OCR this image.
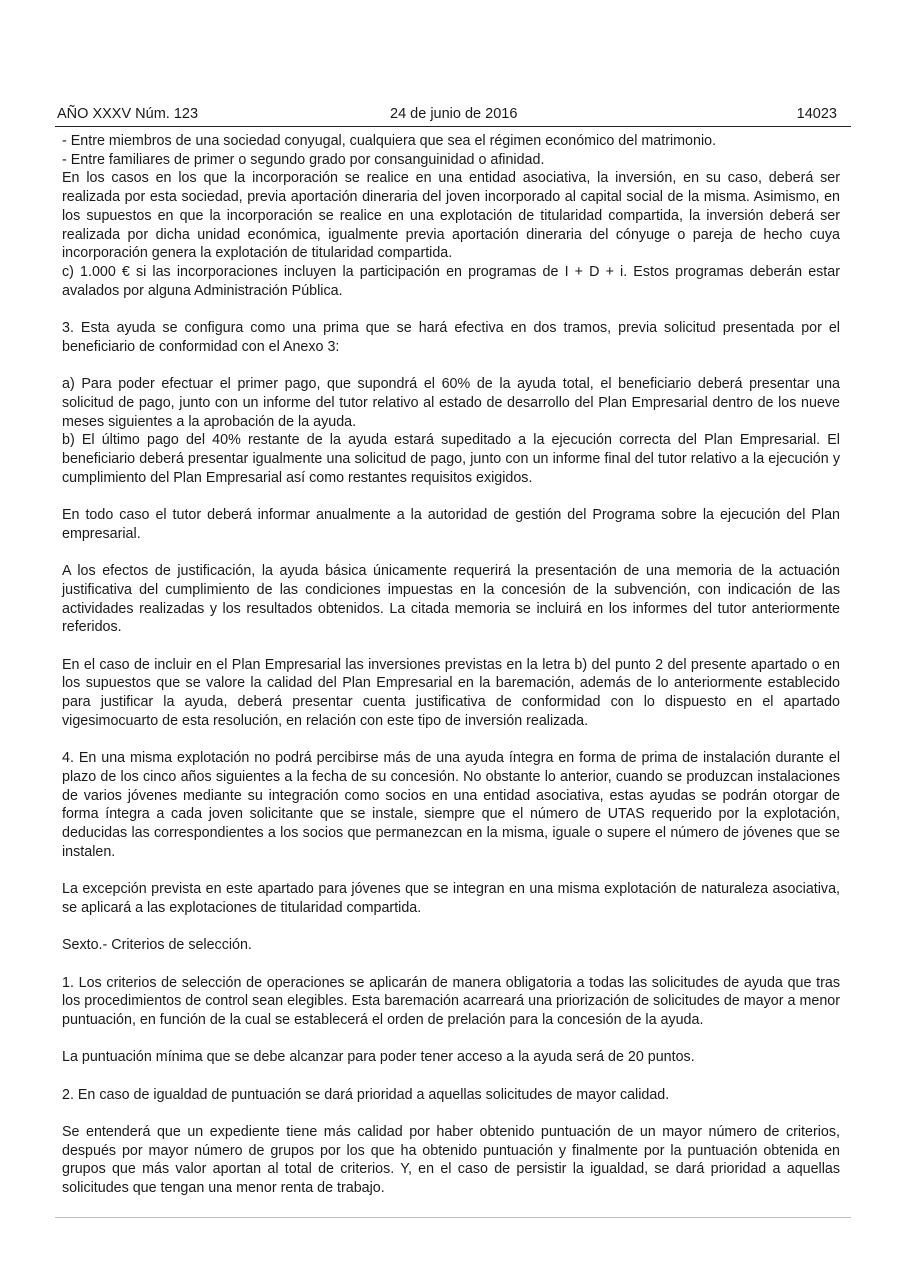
AÑO XXXV Núm. 123	24 de junio de 2016	14023

- Entre miembros de una sociedad conyugal, cualquiera que sea el régimen económico del matrimonio.

- Entre familiares de primer o segundo grado por consanguinidad o afinidad.

En los casos en los que la incorporación se realice en una entidad asociativa, la inversión, en su caso, deberá ser realizada por esta sociedad, previa aportación dineraria del joven incorporado al capital social de la misma. Asimismo, en los supuestos en que la incorporación se realice en una explotación de titularidad compartida, la inversión deberá ser realizada por dicha unidad económica, igualmente previa aportación dineraria del cónyuge o pareja de hecho cuya incorporación genera la explotación de titularidad compartida.

c) 1.000 € si las incorporaciones incluyen la participación en programas de I + D + i. Estos programas deberán estar avalados por alguna Administración Pública.

3. Esta ayuda se configura como una prima que se hará efectiva en dos tramos, previa solicitud presentada por el beneficiario de conformidad con el Anexo 3:

a) Para poder efectuar el primer pago, que supondrá el 60% de la ayuda total, el beneficiario deberá presentar una solicitud de pago, junto con un informe del tutor relativo al estado de desarrollo del Plan Empresarial dentro de los nueve meses siguientes a la aprobación de la ayuda.

b) El último pago del 40% restante de la ayuda estará supeditado a la ejecución correcta del Plan Empresarial. El beneficiario deberá presentar igualmente una solicitud de pago, junto con un informe final del tutor relativo a la ejecución y cumplimiento del Plan Empresarial así como restantes requisitos exigidos.

En todo caso el tutor deberá informar anualmente a la autoridad de gestión del Programa sobre la ejecución del Plan empresarial.

A los efectos de justificación, la ayuda básica únicamente requerirá la presentación de una memoria de la actuación justificativa del cumplimiento de las condiciones impuestas en la concesión de la subvención, con indicación de las actividades realizadas y los resultados obtenidos. La citada memoria se incluirá en los informes del tutor anteriormente referidos.

En el caso de incluir en el Plan Empresarial las inversiones previstas en la letra b) del punto 2 del presente apartado o en los supuestos que se valore la calidad del Plan Empresarial en la baremación, además de lo anteriormente establecido para justificar la ayuda, deberá presentar cuenta justificativa de conformidad con lo dispuesto en el apartado vigesimocuarto de esta resolución, en relación con este tipo de inversión realizada.

4. En una misma explotación no podrá percibirse más de una ayuda íntegra en forma de prima de instalación durante el plazo de los cinco años siguientes a la fecha de su concesión. No obstante lo anterior, cuando se produzcan instalaciones de varios jóvenes mediante su integración como socios en una entidad asociativa, estas ayudas se podrán otorgar de forma íntegra a cada joven solicitante que se instale, siempre que el número de UTAS requerido por la explotación, deducidas las correspondientes a los socios que permanezcan en la misma, iguale o supere el número de jóvenes que se instalen.

La excepción prevista en este apartado para jóvenes que se integran en una misma explotación de naturaleza asociativa, se aplicará a las explotaciones de titularidad compartida.

Sexto.- Criterios de selección.

1. Los criterios de selección de operaciones se aplicarán de manera obligatoria a todas las solicitudes de ayuda que tras los procedimientos de control sean elegibles. Esta baremación acarreará una priorización de solicitudes de mayor a menor puntuación, en función de la cual se establecerá el orden de prelación para la concesión de la ayuda.

La puntuación mínima que se debe alcanzar para poder tener acceso a la ayuda será de 20 puntos.

2. En caso de igualdad de puntuación se dará prioridad a aquellas solicitudes de mayor calidad.

Se entenderá que un expediente tiene más calidad por haber obtenido puntuación de un mayor número de criterios, después por mayor número de grupos por los que ha obtenido puntuación y finalmente por la puntuación obtenida en grupos que más valor aportan al total de criterios. Y, en el caso de persistir la igualdad, se dará prioridad a aquellas solicitudes que tengan una menor renta de trabajo.
